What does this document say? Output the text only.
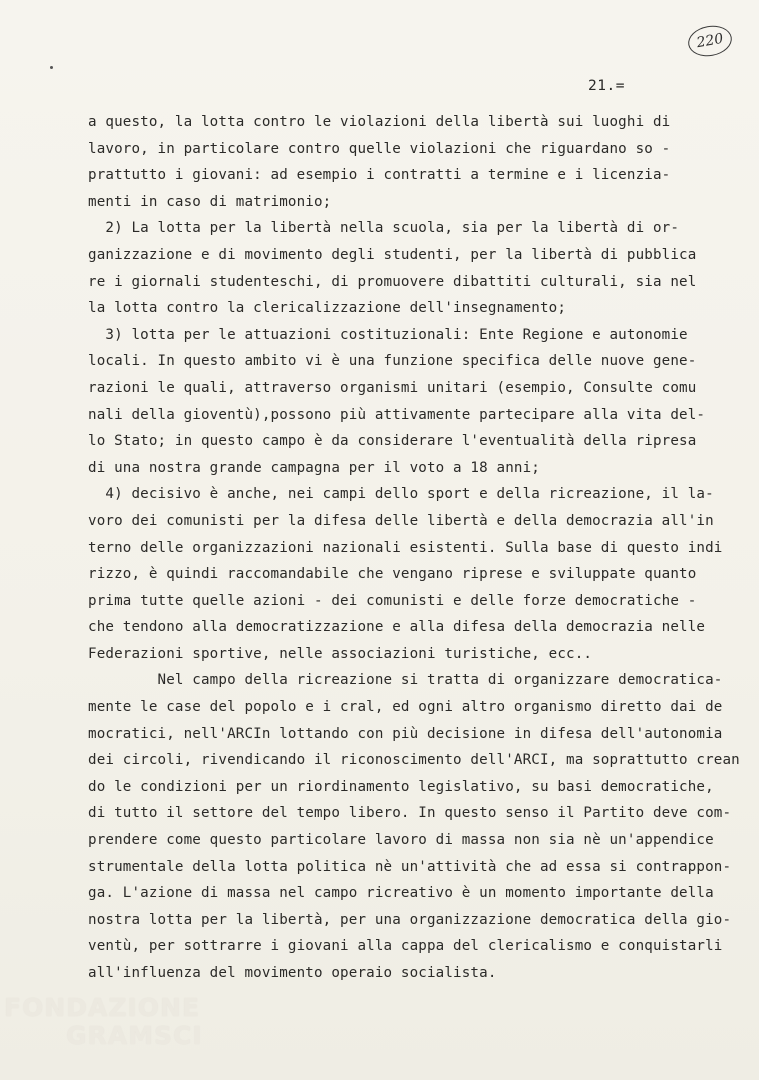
220
21.=
a questo, la lotta contro le violazioni della libertà sui luoghi di
lavoro, in particolare contro quelle violazioni che riguardano so -
prattutto i giovani: ad esempio i contratti a termine e i licenzia-
menti in caso di matrimonio;
2) La lotta per la libertà nella scuola, sia per la libertà di or-
ganizzazione e di movimento degli studenti, per la libertà di pubblica
re i giornali studenteschi, di promuovere dibattiti culturali, sia nel
la lotta contro la clericalizzazione dell'insegnamento;
3) lotta per le attuazioni costituzionali: Ente Regione e autonomie
locali. In questo ambito vi è una funzione specifica delle nuove gene-
razioni le quali, attraverso organismi unitari (esempio, Consulte comu
nali della gioventù),possono più attivamente partecipare alla vita del-
lo Stato; in questo campo è da considerare l'eventualità della ripresa
di una nostra grande campagna per il voto a 18 anni;
4) decisivo è anche, nei campi dello sport e della ricreazione, il la-
voro dei comunisti per la difesa delle libertà e della democrazia all'in
terno delle organizzazioni nazionali esistenti. Sulla base di questo indi
rizzo, è quindi raccomandabile che vengano riprese e sviluppate quanto
prima tutte quelle azioni - dei comunisti e delle forze democratiche -
che tendono alla democratizzazione e alla difesa della democrazia nelle
Federazioni sportive, nelle associazioni turistiche, ecc..
Nel campo della ricreazione si tratta di organizzare democratica-
mente le case del popolo e i cral, ed ogni altro organismo diretto dai de
mocratici, nell'ARCIn lottando con più decisione in difesa dell'autonomia
dei circoli, rivendicando il riconoscimento dell'ARCI, ma soprattutto crean
do le condizioni per un riordinamento legislativo, su basi democratiche,
di tutto il settore del tempo libero. In questo senso il Partito deve com-
prendere come questo particolare lavoro di massa non sia nè un'appendice
strumentale della lotta politica nè un'attività che ad essa si contrappon-
ga. L'azione di massa nel campo ricreativo è un momento importante della
nostra lotta per la libertà, per una organizzazione democratica della gio-
ventù, per sottrarre i giovani alla cappa del clericalismo e conquistarli
all'influenza del movimento operaio socialista.
FONDAZIONE
GRAMSCI
